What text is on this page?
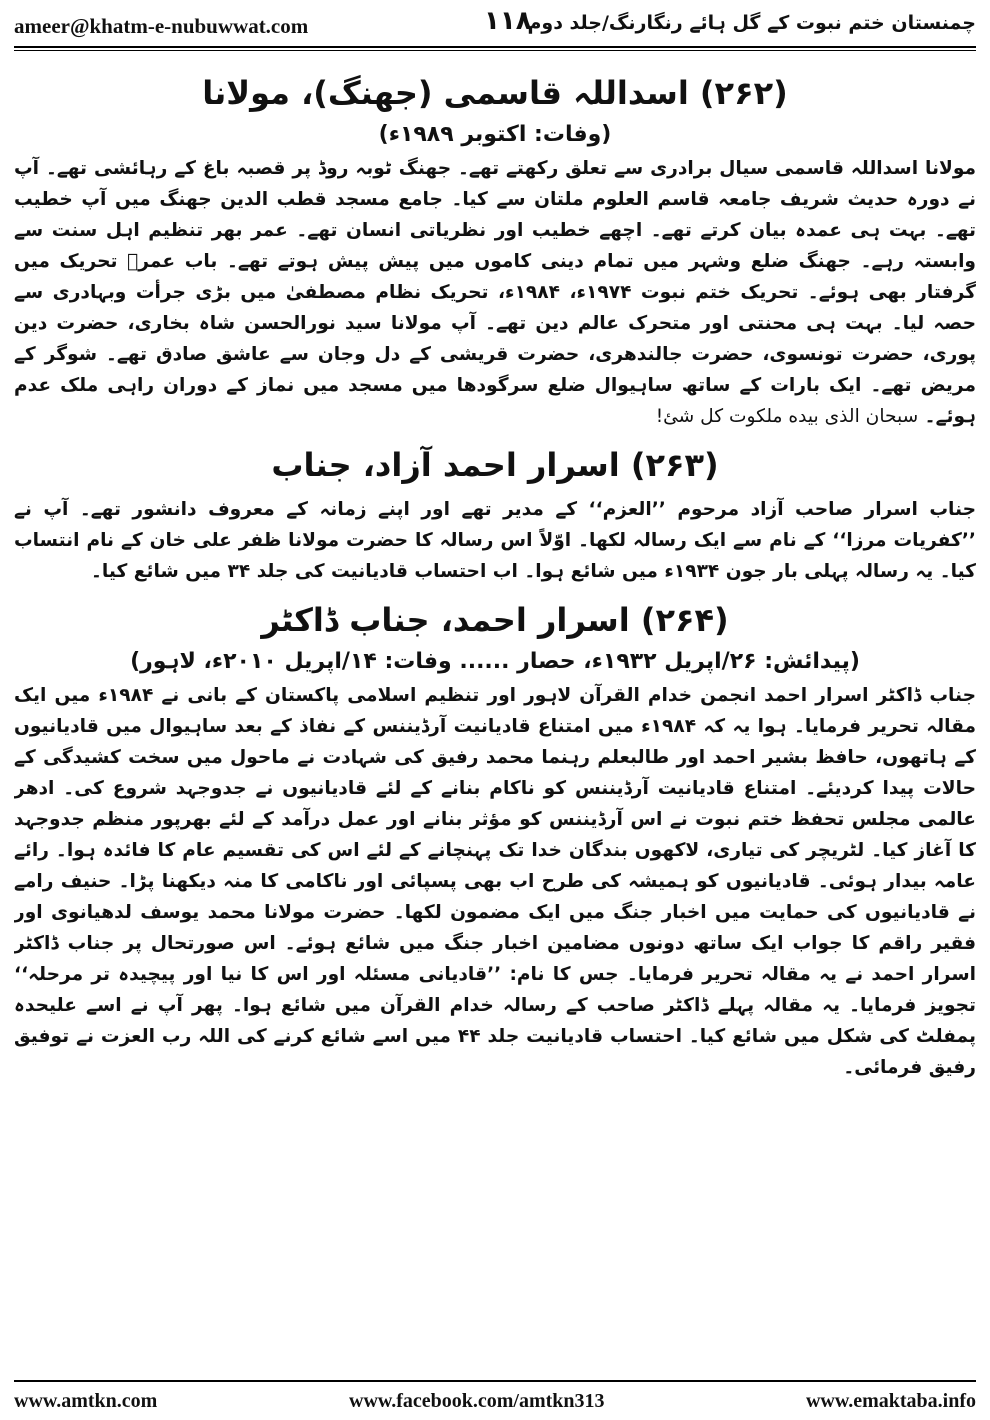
ameer@khatm-e-nubuwwat.com	۱۱۸
چمنستان ختم نبوت کے گل ہائے رنگارنگ/جلد دوم
(۲۶۲) اسداللہ قاسمی (جھنگ)، مولانا
(وفات: اکتوبر ۱۹۸۹ء)

مولانا اسداللہ قاسمی سیال برادری سے تعلق رکھتے تھے۔ جھنگ ٹوبہ روڈ پر قصبہ باغ کے رہائشی تھے۔ آپ نے دورہ حدیث شریف جامعہ قاسم العلوم ملتان سے کیا۔ جامع مسجد قطب الدین جھنگ میں آپ خطیب تھے۔ بہت ہی عمدہ بیان کرتے تھے۔ اچھے خطیب اور نظریاتی انسان تھے۔ عمر بھر تنظیم اہل سنت سے وابستہ رہے۔ جھنگ ضلع وشہر میں تمام دینی کاموں میں پیش پیش ہوتے تھے۔ باب عمرؓ تحریک میں گرفتار بھی ہوئے۔ تحریک ختم نبوت ۱۹۷۴ء، ۱۹۸۴ء، تحریک نظام مصطفیٰ میں بڑی جرأت وبہادری سے حصہ لیا۔ بہت ہی محنتی اور متحرک عالم دین تھے۔ آپ مولانا سید نورالحسن شاہ بخاری، حضرت دین پوری، حضرت تونسوی، حضرت جالندھری، حضرت قریشی کے دل وجان سے عاشق صادق تھے۔ شوگر کے مریض تھے۔ ایک بارات کے ساتھ ساہیوال ضلع سرگودھا میں مسجد میں نماز کے دوران راہی ملک عدم ہوئے۔ سبحان الذی بیده ملکوت کل شئ!

(۲۶۳) اسرار احمد آزاد، جناب

جناب اسرار صاحب آزاد مرحوم ’’العزم‘‘ کے مدیر تھے اور اپنے زمانہ کے معروف دانشور تھے۔ آپ نے ’’کفریات مرزا‘‘ کے نام سے ایک رسالہ لکھا۔ اوّلاً اس رسالہ کا حضرت مولانا ظفر علی خان کے نام انتساب کیا۔ یہ رسالہ پہلی بار جون ۱۹۳۴ء میں شائع ہوا۔ اب احتساب قادیانیت کی جلد ۳۴ میں شائع کیا۔

(۲۶۴) اسرار احمد، جناب ڈاکٹر
(پیدائش: ۲۶/اپریل ۱۹۳۲ء، حصار ...... وفات: ۱۴/اپریل ۲۰۱۰ء، لاہور)

جناب ڈاکٹر اسرار احمد انجمن خدام القرآن لاہور اور تنظیم اسلامی پاکستان کے بانی نے ۱۹۸۴ء میں ایک مقالہ تحریر فرمایا۔ ہوا یہ کہ ۱۹۸۴ء میں امتناع قادیانیت آرڈیننس کے نفاذ کے بعد ساہیوال میں قادیانیوں کے ہاتھوں، حافظ بشیر احمد اور طالبعلم رہنما محمد رفیق کی شہادت نے ماحول میں سخت کشیدگی کے حالات پیدا کردیئے۔ امتناع قادیانیت آرڈیننس کو ناکام بنانے کے لئے قادیانیوں نے جدوجہد شروع کی۔ ادھر عالمی مجلس تحفظ ختم نبوت نے اس آرڈیننس کو مؤثر بنانے اور عمل درآمد کے لئے بھرپور منظم جدوجہد کا آغاز کیا۔ لٹریچر کی تیاری، لاکھوں بندگان خدا تک پہنچانے کے لئے اس کی تقسیم عام کا فائدہ ہوا۔ رائے عامہ بیدار ہوئی۔ قادیانیوں کو ہمیشہ کی طرح اب بھی پسپائی اور ناکامی کا منہ دیکھنا پڑا۔ حنیف رامے نے قادیانیوں کی حمایت میں اخبار جنگ میں ایک مضمون لکھا۔ حضرت مولانا محمد یوسف لدھیانوی اور فقیر راقم کا جواب ایک ساتھ دونوں مضامین اخبار جنگ میں شائع ہوئے۔ اس صورتحال پر جناب ڈاکٹر اسرار احمد نے یہ مقالہ تحریر فرمایا۔ جس کا نام: ’’قادیانی مسئلہ اور اس کا نیا اور پیچیدہ تر مرحلہ‘‘ تجویز فرمایا۔ یہ مقالہ پہلے ڈاکٹر صاحب کے رسالہ خدام القرآن میں شائع ہوا۔ پھر آپ نے اسے علیحدہ پمفلٹ کی شکل میں شائع کیا۔ احتساب قادیانیت جلد ۴۴ میں اسے شائع کرنے کی اللہ رب العزت نے توفیق رفیق فرمائی۔

www.amtkn.com	www.facebook.com/amtkn313	www.emaktaba.info
